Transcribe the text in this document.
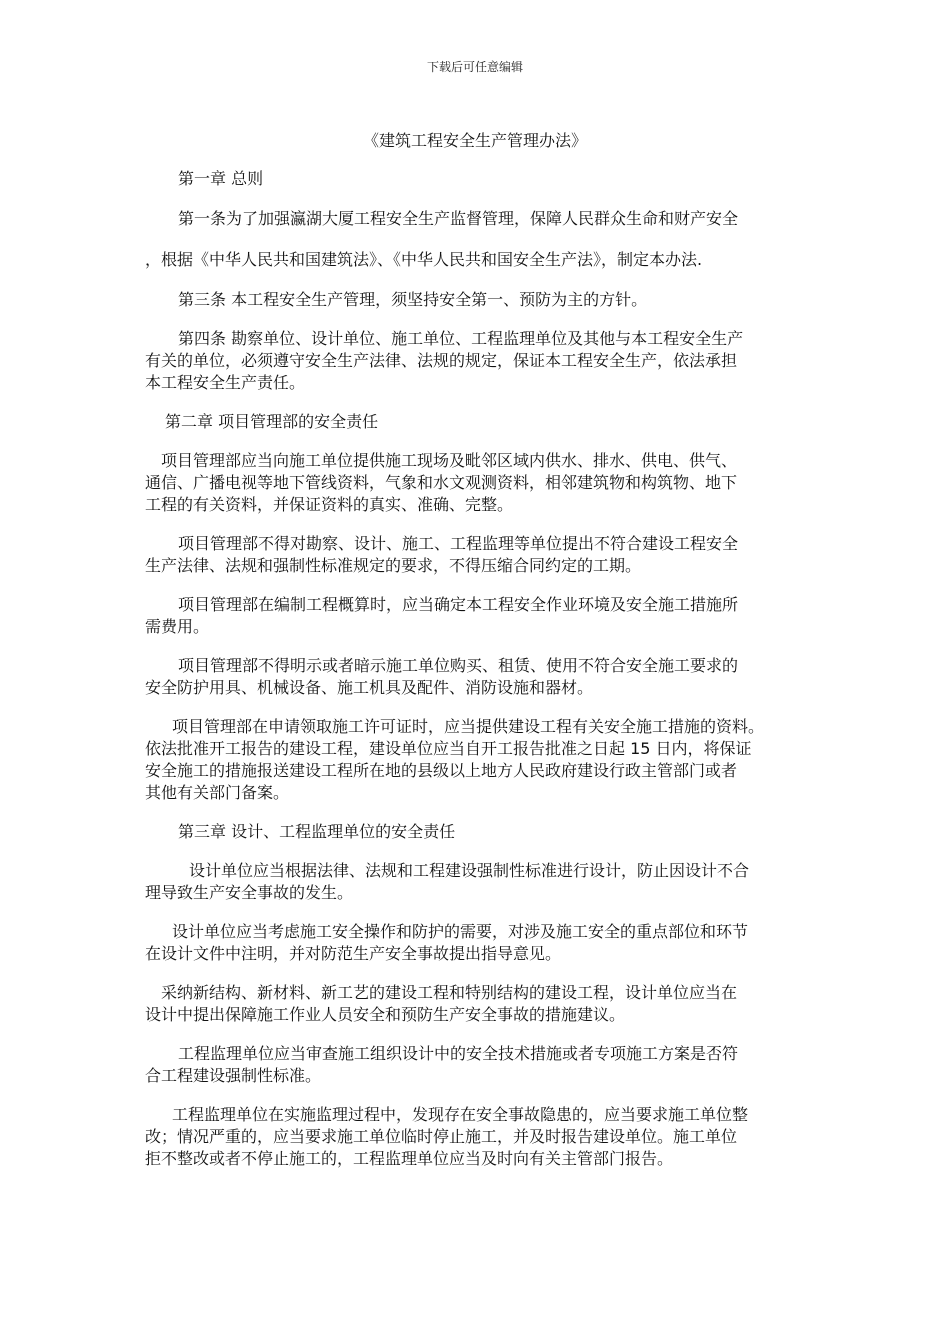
下载后可任意编辑
《建筑工程安全生产管理办法》

第一章 总则

第一条为了加强瀛湖大厦工程安全生产监督管理，保障人民群众生命和财产安全

，根据《中华人民共和国建筑法》、《中华人民共和国安全生产法》，制定本办法.

第三条 本工程安全生产管理，须坚持安全第一、预防为主的方针。

第四条 勘察单位、设计单位、施工单位、工程监理单位及其他与本工程安全生产

有关的单位，必须遵守安全生产法律、法规的规定，保证本工程安全生产，依法承担

本工程安全生产责任。

第二章 项目管理部的安全责任

项目管理部应当向施工单位提供施工现场及毗邻区域内供水、排水、供电、供气、

通信、广播电视等地下管线资料，气象和水文观测资料，相邻建筑物和构筑物、地下

工程的有关资料，并保证资料的真实、准确、完整。

项目管理部不得对勘察、设计、施工、工程监理等单位提出不符合建设工程安全

生产法律、法规和强制性标准规定的要求，不得压缩合同约定的工期。

项目管理部在编制工程概算时，应当确定本工程安全作业环境及安全施工措施所

需费用。

项目管理部不得明示或者暗示施工单位购买、租赁、使用不符合安全施工要求的

安全防护用具、机械设备、施工机具及配件、消防设施和器材。

项目管理部在申请领取施工许可证时，应当提供建设工程有关安全施工措施的资料。

依法批准开工报告的建设工程，建设单位应当自开工报告批准之日起 15 日内，将保证

安全施工的措施报送建设工程所在地的县级以上地方人民政府建设行政主管部门或者

其他有关部门备案。

第三章 设计、工程监理单位的安全责任

设计单位应当根据法律、法规和工程建设强制性标准进行设计，防止因设计不合

理导致生产安全事故的发生。

设计单位应当考虑施工安全操作和防护的需要，对涉及施工安全的重点部位和环节

在设计文件中注明，并对防范生产安全事故提出指导意见。

采纳新结构、新材料、新工艺的建设工程和特别结构的建设工程，设计单位应当在

设计中提出保障施工作业人员安全和预防生产安全事故的措施建议。

工程监理单位应当审查施工组织设计中的安全技术措施或者专项施工方案是否符

合工程建设强制性标准。

工程监理单位在实施监理过程中，发现存在安全事故隐患的，应当要求施工单位整

改；情况严重的，应当要求施工单位临时停止施工，并及时报告建设单位。施工单位

拒不整改或者不停止施工的，工程监理单位应当及时向有关主管部门报告。
